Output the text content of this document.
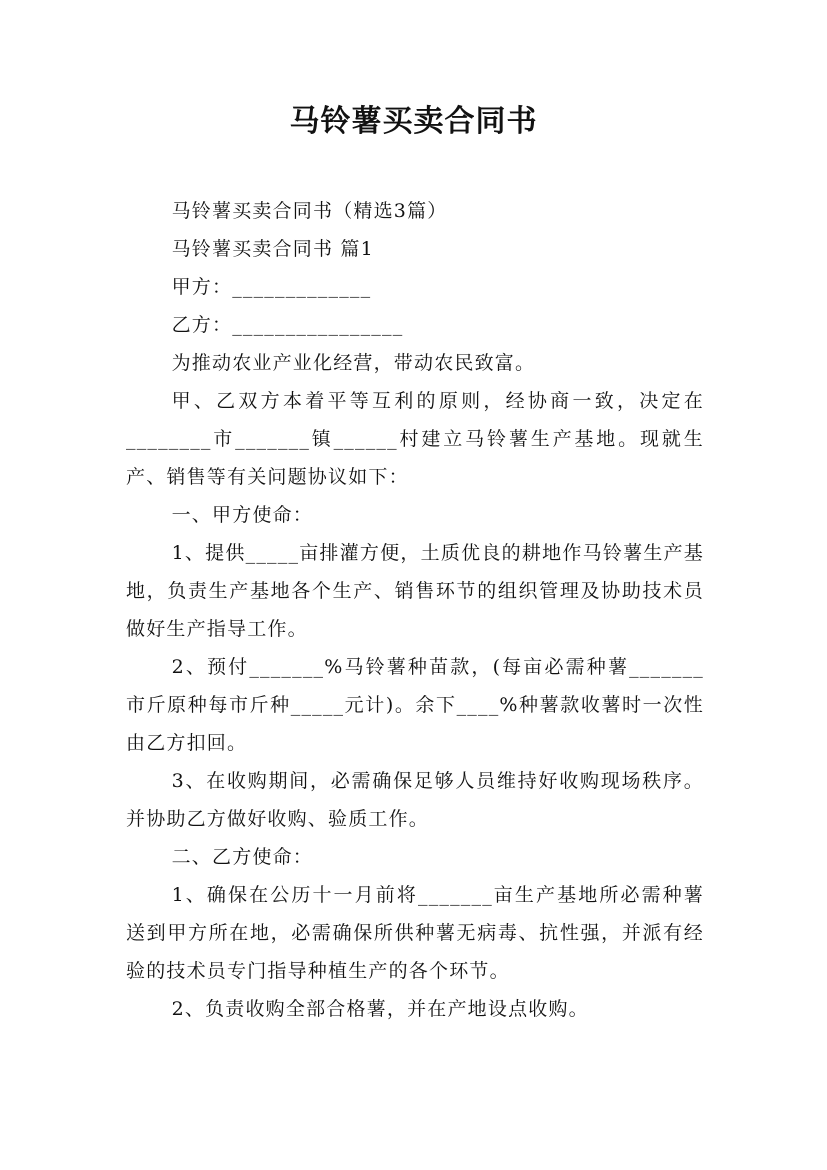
马铃薯买卖合同书

马铃薯买卖合同书（精选3篇）

马铃薯买卖合同书 篇1

甲方：_____________

乙方：________________

为推动农业产业化经营，带动农民致富。

甲、乙双方本着平等互利的原则，经协商一致，决定在________市_______镇______村建立马铃薯生产基地。现就生产、销售等有关问题协议如下：

一、甲方使命：

1、提供_____亩排灌方便，土质优良的耕地作马铃薯生产基地，负责生产基地各个生产、销售环节的组织管理及协助技术员做好生产指导工作。

2、预付_______%马铃薯种苗款，(每亩必需种薯_______市斤原种每市斤种_____元计)。余下____%种薯款收薯时一次性由乙方扣回。

3、在收购期间，必需确保足够人员维持好收购现场秩序。并协助乙方做好收购、验质工作。

二、乙方使命：

1、确保在公历十一月前将_______亩生产基地所必需种薯送到甲方所在地，必需确保所供种薯无病毒、抗性强，并派有经验的技术员专门指导种植生产的各个环节。

2、负责收购全部合格薯，并在产地设点收购。
